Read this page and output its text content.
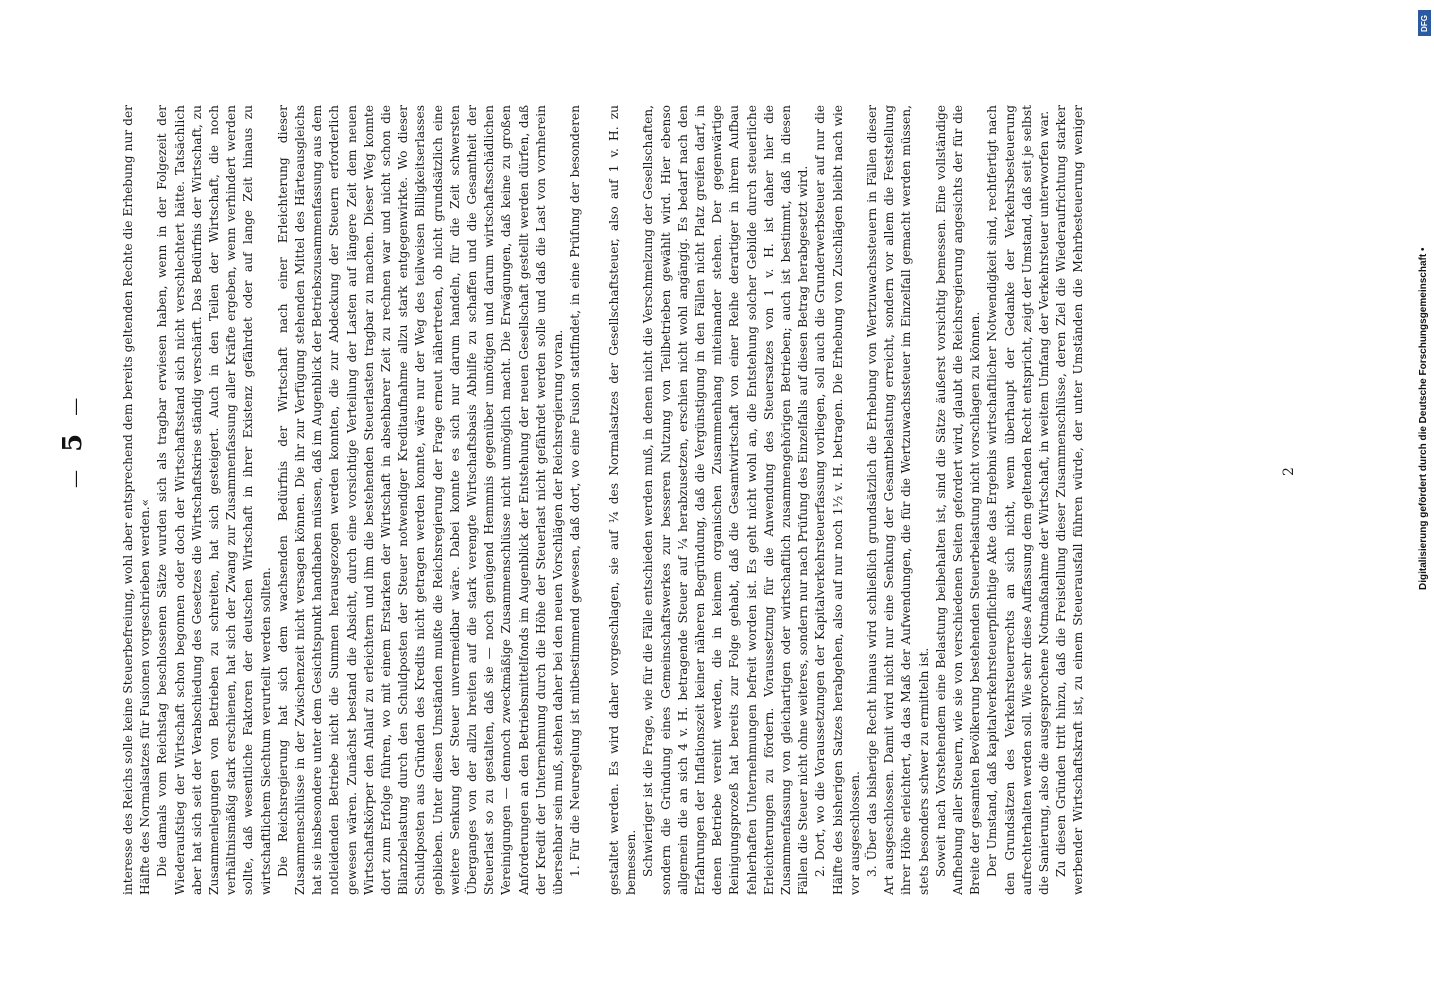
—  5  —	interesse des Reichs solle keine Steuerbefreiung, wohl aber entsprechend dem bereits geltenden Rechte die Erhebung nur der Hälfte des Normalsatzes für Fusionen vorgeschrieben werden.« Die damals vom Reichstag beschlossenen Sätze wurden sich als tragbar erwiesen haben, wenn in der Folgezeit der Wiederaufstieg der Wirtschaft schon begonnen oder doch der Wirtschaftsstand sich nicht verschlechtert hätte. Tatsächlich aber hat sich seit der Verabschiedung des Gesetzes die Wirtschaftskrise ständig verschärft. Das Bedürfnis der Wirtschaft, zu Zusammenlegungen von Betrieben zu schreiten, hat sich gesteigert. Auch in den Teilen der Wirtschaft, die noch verhältnismäßig stark erschienen, hat sich der Zwang zur Zusammenfassung aller Kräfte ergeben, wenn verhindert werden sollte, daß wesentliche Faktoren der deutschen Wirtschaft in ihrer Existenz gefährdet oder auf lange Zeit hinaus zu wirtschaftlichem Siechtum verurteilt werden sollten. Die Reichsregierung hat sich dem wachsenden Bedürfnis der Wirtschaft nach einer Erleichterung dieser Zusammenschlüsse in der Zwischenzeit nicht versagen können. Die ihr zur Verfügung stehenden Mittel des Härteausgleichs hat sie insbesondere unter dem Gesichtspunkt handhaben müssen, daß im Augenblick der Betriebszusammenfassung aus dem notleidenden Betriebe nicht die Summen herausgezogen werden konnten, die zur Abdeckung der Steuern erforderlich gewesen wären. Zunächst bestand die Absicht, durch eine vorsichtige Verteilung der Lasten auf längere Zeit dem neuen Wirtschaftskörper den Anlauf zu erleichtern und ihm die bestehenden Steuerlasten tragbar zu machen. Dieser Weg konnte dort zum Erfolge führen, wo mit einem Erstarken der Wirtschaft in absehbarer Zeit zu rechnen war und nicht schon die Bilanzbelastung durch den Schuldposten der Steuer notwendiger Kreditaufnahme allzu stark entgegenwirkte. Wo dieser Schuldposten aus Gründen des Kredits nicht getragen werden konnte, wäre nur der Weg des teilweisen Billigkeitserlasses geblieben. Unter diesen Umständen mußte die Reichsregierung der Frage erneut nähertreten, ob nicht grundsätzlich eine weitere Senkung der Steuer unvermeidbar wäre. Dabei konnte es sich nur darum handeln, für die Zeit schwersten Überganges von der allzu breiten auf die stark verengte Wirtschaftsbasis Abhilfe zu schaffen und die Gesamtheit der Steuerlast so zu gestalten, daß sie — noch genügend Hemmnis gegenüber unnötigen und darum wirtschaftsschädlichen Vereinigungen — dennoch zweckmäßige Zusammenschlüsse nicht unmöglich macht. Die Erwägungen, daß keine zu großen Anforderungen an den Betriebsmittelfonds im Augenblick der Entstehung der neuen Gesellschaft gestellt werden dürfen, daß der Kredit der Unternehmung durch die Höhe der Steuerlast nicht gefährdet werden solle und daß die Last von vornherein übersehbar sein muß, stehen daher bei den neuen Vorschlägen der Reichsregierung voran. 1. Für die Neuregelung ist mitbestimmend gewesen, daß dort, wo eine Fusion stattfindet, in eine Prüfung der besonderen	gestaltet werden. Es wird daher vorgeschlagen, sie auf ¼ des Normalsatzes der Gesellschaftsteuer, also auf 1 v. H. zu bemessen. Schwieriger ist die Frage, wie für die Fälle entschieden werden muß, in denen nicht die Verschmelzung der Gesellschaften, sondern die Gründung eines Gemeinschaftswerkes zur besseren Nutzung von Teilbetrieben gewählt wird. Hier ebenso allgemein die an sich 4 v. H. betragende Steuer auf ¼ herabzusetzen, erschien nicht wohl angängig. Es bedarf nach den Erfahrungen der Inflationszeit keiner näheren Begründung, daß die Vergünstigung in den Fällen nicht Platz greifen darf, in denen Betriebe vereint werden, die in keinem organischen Zusammenhang miteinander stehen. Der gegenwärtige Reinigungsprozeß hat bereits zur Folge gehabt, daß die Gesamtwirtschaft von einer Reihe derartiger in ihrem Aufbau fehlerhaften Unternehmungen befreit worden ist. Es geht nicht wohl an, die Entstehung solcher Gebilde durch steuerliche Erleichterungen zu fördern. Voraussetzung für die Anwendung des Steuersatzes von 1 v. H. ist daher hier die Zusammenfassung von gleichartigen oder wirtschaftlich zusammengehörigen Betrieben; auch ist bestimmt, daß in diesen Fällen die Steuer nicht ohne weiteres, sondern nur nach Prüfung des Einzelfalls auf diesen Betrag herabgesetzt wird. 2. Dort, wo die Voraussetzungen der Kapitalverkehrsteuerfassung vorliegen, soll auch die Grunderwerbsteuer auf nur die Hälfte des bisherigen Satzes herabgehen, also auf nur noch 1½ v. H. betragen. Die Erhebung von Zuschlägen bleibt nach wie vor ausgeschlossen. 3. Über das bisherige Recht hinaus wird schließlich grundsätzlich die Erhebung von Wertzuwachssteuern in Fällen dieser Art ausgeschlossen. Damit wird nicht nur eine Senkung der Gesamtbelastung erreicht, sondern vor allem die Feststellung ihrer Höhe erleichtert, da das Maß der Aufwendungen, die für die Wertzuwachssteuer im Einzelfall gemacht werden müssen, stets besonders schwer zu ermitteln ist. Soweit nach Vorstehendem eine Belastung beibehalten ist, sind die Sätze äußerst vorsichtig bemessen. Eine vollständige Aufhebung aller Steuern, wie sie von verschiedenen Seiten gefordert wird, glaubt die Reichsregierung angesichts der für die Breite der gesamten Bevölkerung bestehenden Steuerbelastung nicht vorschlagen zu können. Der Umstand, daß kapitalverkehrsteuerpflichtige Akte das Ergebnis wirtschaftlicher Notwendigkeit sind, rechtfertigt nach den Grundsätzen des Verkehrsteuerrechts an sich nicht, wenn überhaupt der Gedanke der Verkehrsbesteuerung aufrechterhalten werden soll. Wie sehr diese Auffassung dem geltenden Recht entspricht, zeigt der Umstand, daß seit je selbst die Sanierung, also die ausgesprochene Notmaßnahme der Wirtschaft, in weitem Umfang der Verkehrsteuer unterworfen war. Zu diesen Gründen tritt hinzu, daß die Freistellung dieser Zusammenschlüsse, deren Ziel die Wiederaufrichtung starker werbender Wirtschaftskraft ist, zu einem Steuerausfall führen würde, der unter Umständen die Mehrbesteuerung weniger

2
DFG
Digitalisierung gefördert durch die Deutsche Forschungsgemeinschaft •
